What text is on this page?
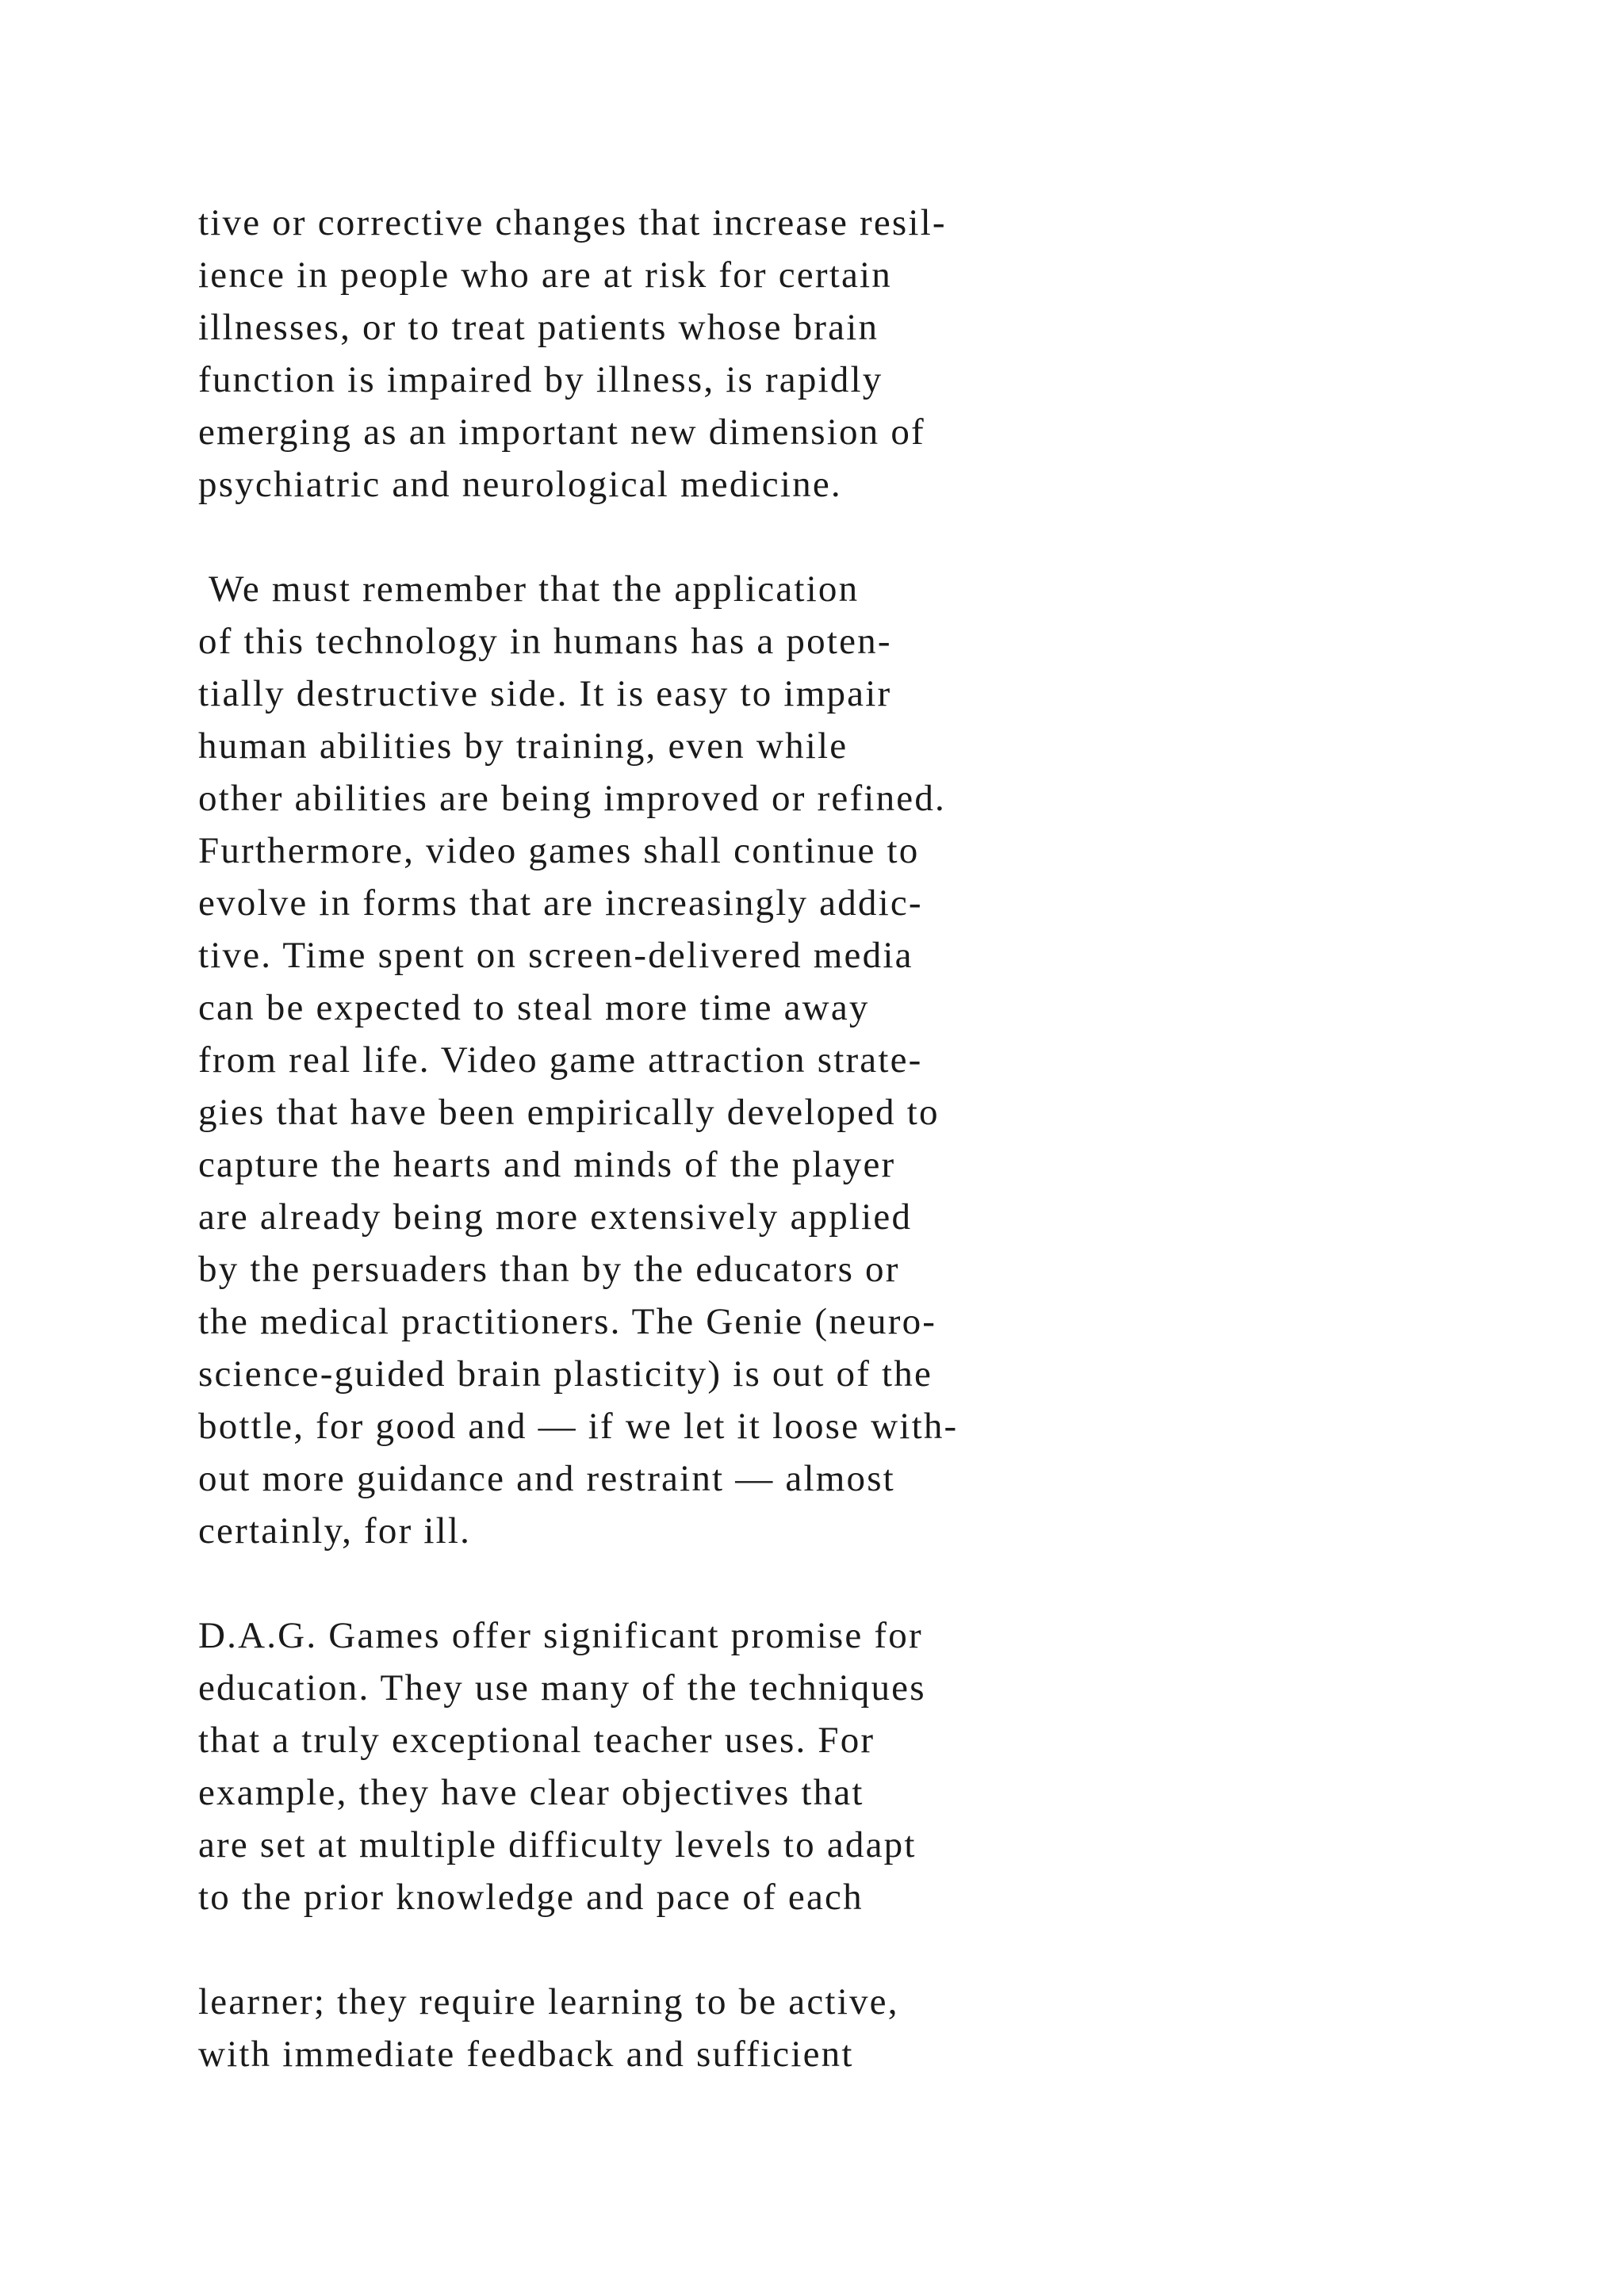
tive or corrective changes that increase resil-
ience in people who are at risk for certain
illnesses, or to treat patients whose brain
function is impaired by illness, is rapidly
emerging as an important new dimension of
psychiatric and neurological medicine.
We must remember that the application
of this technology in humans has a poten-
tially destructive side. It is easy to impair
human abilities by training, even while
other abilities are being improved or refined.
Furthermore, video games shall continue to
evolve in forms that are increasingly addic-
tive. Time spent on screen-delivered media
can be expected to steal more time away
from real life. Video game attraction strate-
gies that have been empirically developed to
capture the hearts and minds of the player
are already being more extensively applied
by the persuaders than by the educators or
the medical practitioners. The Genie (neuro-
science-guided brain plasticity) is out of the
bottle, for good and — if we let it loose with-
out more guidance and restraint — almost
certainly, for ill.
D.A.G. Games offer significant promise for
education. They use many of the techniques
that a truly exceptional teacher uses. For
example, they have clear objectives that
are set at multiple difficulty levels to adapt
to the prior knowledge and pace of each
learner; they require learning to be active,
with immediate feedback and sufficient
